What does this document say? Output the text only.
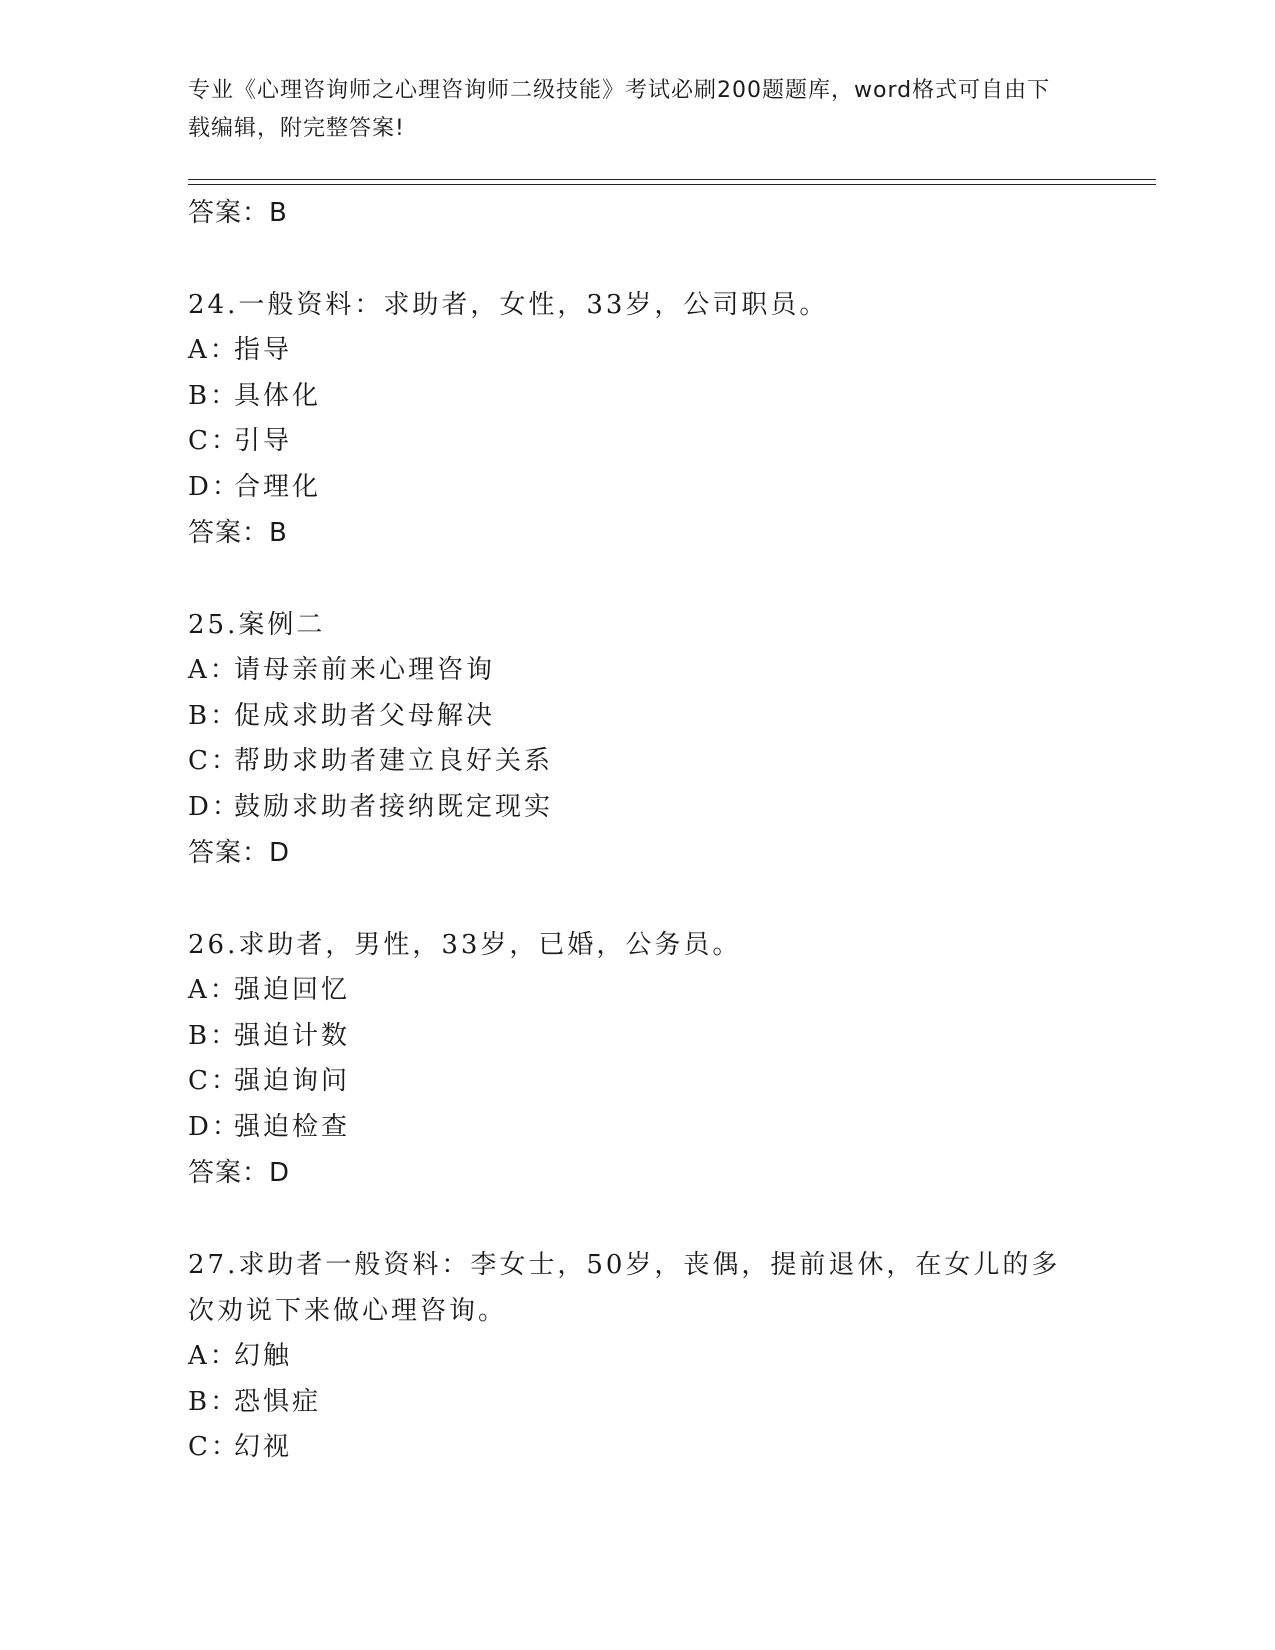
专业《心理咨询师之心理咨询师二级技能》考试必刷200题题库，word格式可自由下载编辑，附完整答案!
答案：B
24.一般资料：求助者，女性，33岁，公司职员。
A：指导
B：具体化
C：引导
D：合理化
答案：B
25.案例二
A：请母亲前来心理咨询
B：促成求助者父母解决
C：帮助求助者建立良好关系
D：鼓励求助者接纳既定现实
答案：D
26.求助者，男性，33岁，已婚，公务员。
A：强迫回忆
B：强迫计数
C：强迫询问
D：强迫检查
答案：D
27.求助者一般资料：李女士，50岁，丧偶，提前退休，在女儿的多次劝说下来做心理咨询。
A：幻触
B：恐惧症
C：幻视
